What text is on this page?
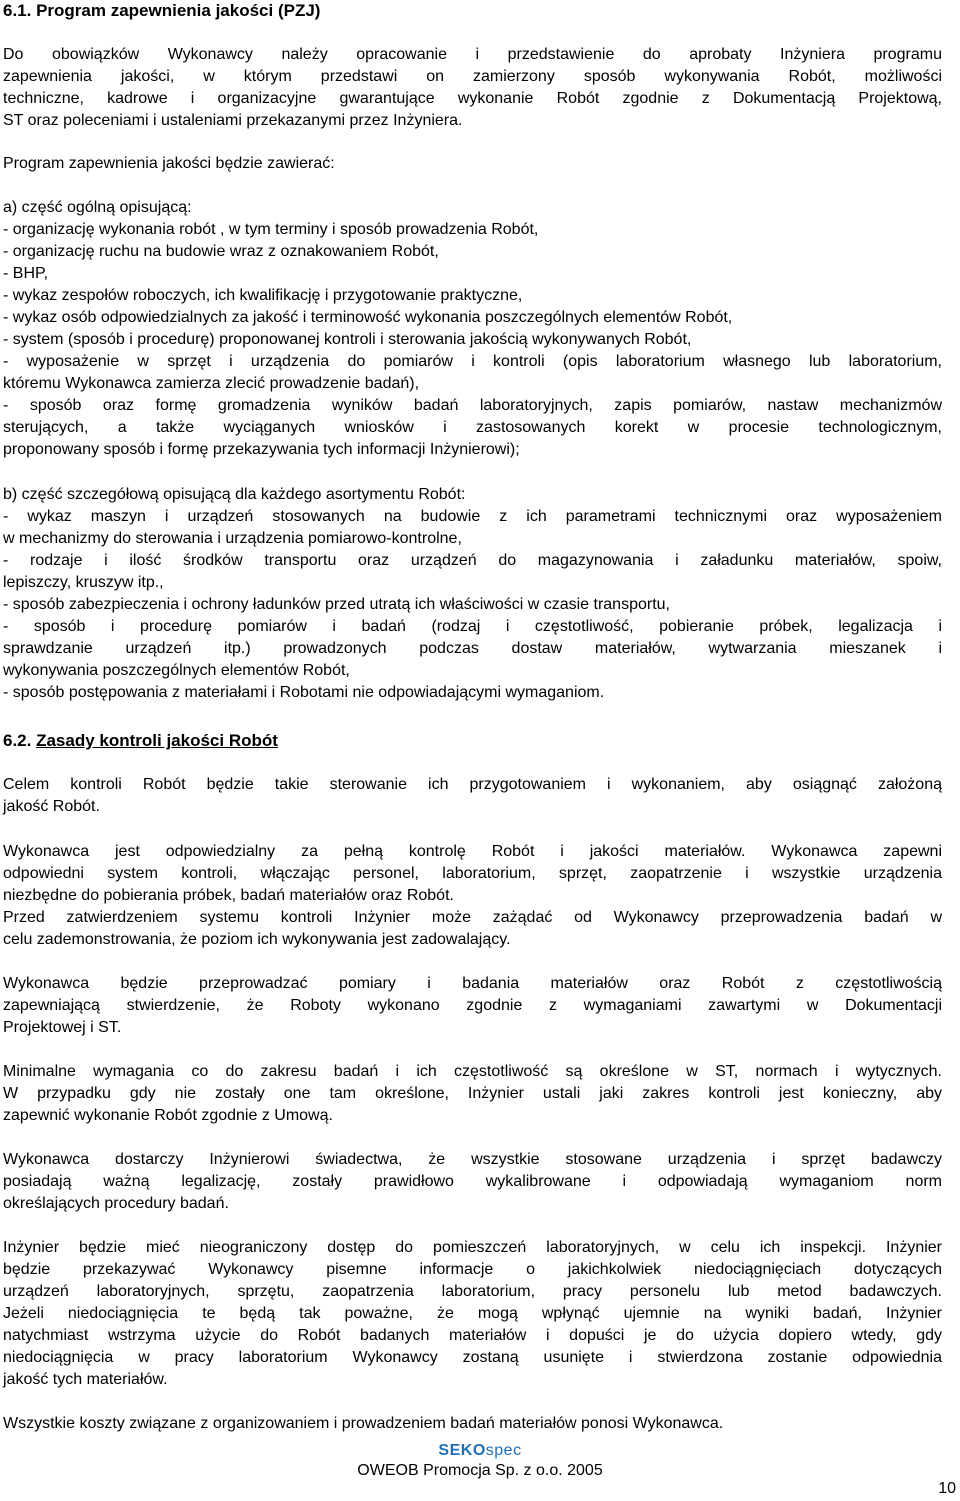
6.1. Program zapewnienia jakości (PZJ)
Do obowiązków Wykonawcy należy opracowanie i przedstawienie do aprobaty Inżyniera programu
zapewnienia jakości, w którym przedstawi on zamierzony sposób wykonywania Robót, możliwości
techniczne, kadrowe i organizacyjne gwarantujące wykonanie Robót zgodnie z Dokumentacją Projektową,
ST oraz poleceniami i ustaleniami przekazanymi przez Inżyniera.
Program zapewnienia jakości będzie zawierać:
a) część ogólną opisującą:
- organizację wykonania robót , w tym terminy i sposób prowadzenia Robót,
- organizację ruchu na budowie wraz z oznakowaniem Robót,
- BHP,
- wykaz zespołów roboczych, ich kwalifikację i przygotowanie praktyczne,
- wykaz osób odpowiedzialnych za jakość i terminowość wykonania poszczególnych elementów Robót,
- system (sposób i procedurę) proponowanej kontroli i sterowania jakością wykonywanych Robót,
- wyposażenie w sprzęt i urządzenia do pomiarów i kontroli (opis laboratorium własnego lub laboratorium,
któremu Wykonawca zamierza zlecić prowadzenie badań),
- sposób oraz formę gromadzenia wyników badań laboratoryjnych, zapis pomiarów, nastaw mechanizmów
sterujących, a także wyciąganych wniosków i zastosowanych korekt w procesie technologicznym,
proponowany sposób i formę przekazywania tych informacji Inżynierowi);
b) część szczegółową opisującą dla każdego asortymentu Robót:
- wykaz maszyn i urządzeń stosowanych na budowie z ich parametrami technicznymi oraz wyposażeniem
w mechanizmy do sterowania i urządzenia pomiarowo-kontrolne,
- rodzaje i ilość środków transportu oraz urządzeń do magazynowania i załadunku materiałów, spoiw,
lepiszczy, kruszyw itp.,
- sposób zabezpieczenia i ochrony ładunków przed utratą ich właściwości w czasie transportu,
- sposób i procedurę pomiarów i badań (rodzaj i częstotliwość, pobieranie próbek, legalizacja i
sprawdzanie urządzeń itp.) prowadzonych podczas dostaw materiałów, wytwarzania mieszanek i
wykonywania poszczególnych elementów Robót,
- sposób postępowania z materiałami i Robotami nie odpowiadającymi wymaganiom.
6.2. Zasady kontroli jakości Robót
Celem kontroli Robót będzie takie sterowanie ich przygotowaniem i wykonaniem, aby osiągnąć założoną
jakość Robót.
Wykonawca jest odpowiedzialny za pełną kontrolę Robót i jakości materiałów. Wykonawca zapewni
odpowiedni system kontroli, włączając personel, laboratorium, sprzęt, zaopatrzenie i wszystkie urządzenia
niezbędne do pobierania próbek, badań materiałów oraz Robót.
Przed zatwierdzeniem systemu kontroli Inżynier może zażądać od Wykonawcy przeprowadzenia badań w
celu zademonstrowania, że poziom ich wykonywania jest zadowalający.
Wykonawca będzie przeprowadzać pomiary i badania materiałów oraz Robót z częstotliwością
zapewniającą stwierdzenie, że Roboty wykonano zgodnie z wymaganiami zawartymi w Dokumentacji
Projektowej i ST.
Minimalne wymagania co do zakresu badań i ich częstotliwość są określone w ST, normach i wytycznych.
W przypadku gdy nie zostały one tam określone, Inżynier ustali jaki zakres kontroli jest konieczny, aby
zapewnić wykonanie Robót zgodnie z Umową.
Wykonawca dostarczy Inżynierowi świadectwa, że wszystkie stosowane urządzenia i sprzęt badawczy
posiadają ważną legalizację, zostały prawidłowo wykalibrowane i odpowiadają wymaganiom norm
określających procedury badań.
Inżynier będzie mieć nieograniczony dostęp do pomieszczeń laboratoryjnych, w celu ich inspekcji. Inżynier
będzie przekazywać Wykonawcy pisemne informacje o jakichkolwiek niedociągnięciach dotyczących
urządzeń laboratoryjnych, sprzętu, zaopatrzenia laboratorium, pracy personelu lub metod badawczych.
Jeżeli niedociągnięcia te będą tak poważne, że mogą wpłynąć ujemnie na wyniki badań, Inżynier
natychmiast wstrzyma użycie do Robót badanych materiałów i dopuści je do użycia dopiero wtedy, gdy
niedociągnięcia w pracy laboratorium Wykonawcy zostaną usunięte i stwierdzona zostanie odpowiednia
jakość tych materiałów.
Wszystkie koszty związane z organizowaniem i prowadzeniem badań materiałów ponosi Wykonawca.
SEKOspec
OWEOB Promocja Sp. z o.o. 2005
10
